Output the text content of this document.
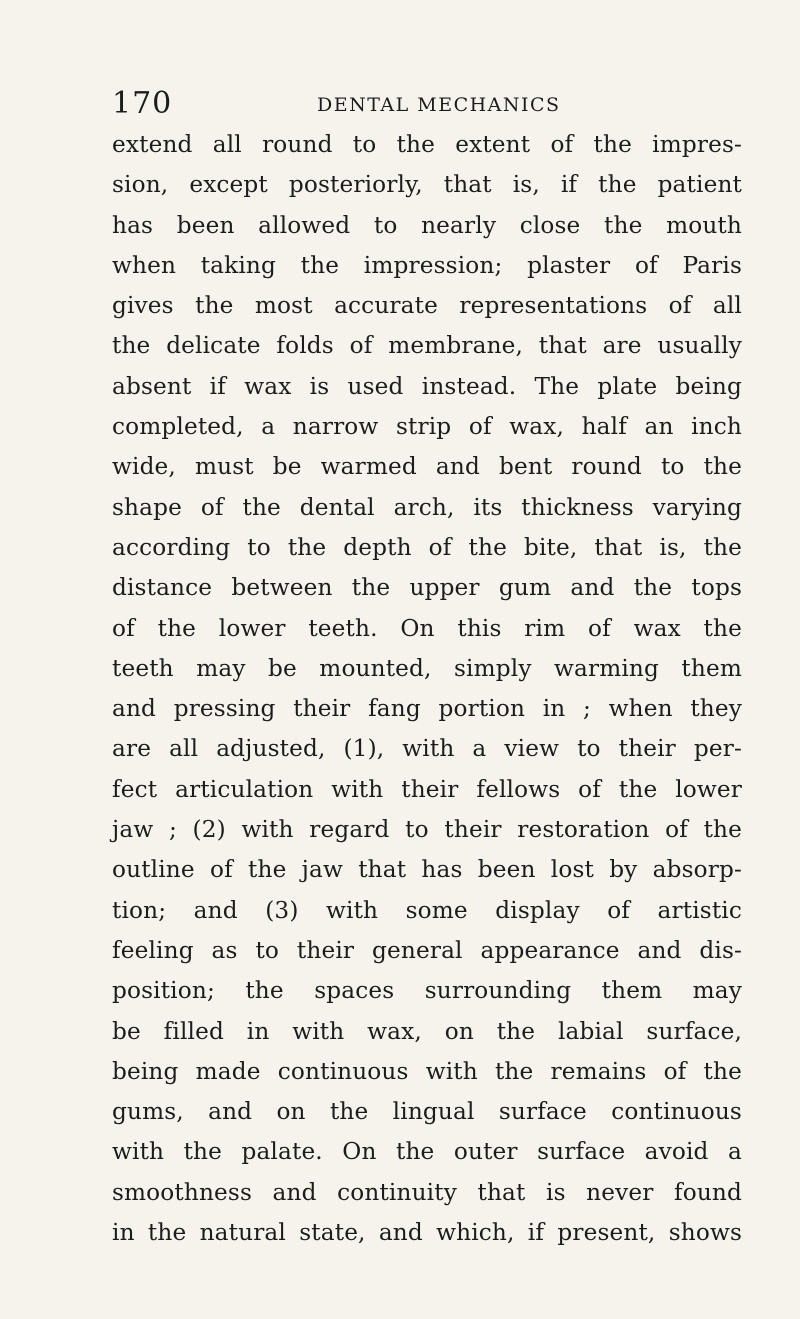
170	DENTAL MECHANICS
extend all round to the extent of the impres-
sion, except posteriorly, that is, if the patient
has been allowed to nearly close the mouth
when taking the impression; plaster of Paris
gives the most accurate representations of all
the delicate folds of membrane, that are usually
absent if wax is used instead. The plate being
completed, a narrow strip of wax, half an inch
wide, must be warmed and bent round to the
shape of the dental arch, its thickness varying
according to the depth of the bite, that is, the
distance between the upper gum and the tops
of the lower teeth. On this rim of wax the
teeth may be mounted, simply warming them
and pressing their fang portion in ; when they
are all adjusted, (1), with a view to their per-
fect articulation with their fellows of the lower
jaw ; (2) with regard to their restoration of the
outline of the jaw that has been lost by absorp-
tion; and (3) with some display of artistic
feeling as to their general appearance and dis-
position; the spaces surrounding them may
be filled in with wax, on the labial surface,
being made continuous with the remains of the
gums, and on the lingual surface continuous
with the palate. On the outer surface avoid a
smoothness and continuity that is never found
in the natural state, and which, if present, shows
